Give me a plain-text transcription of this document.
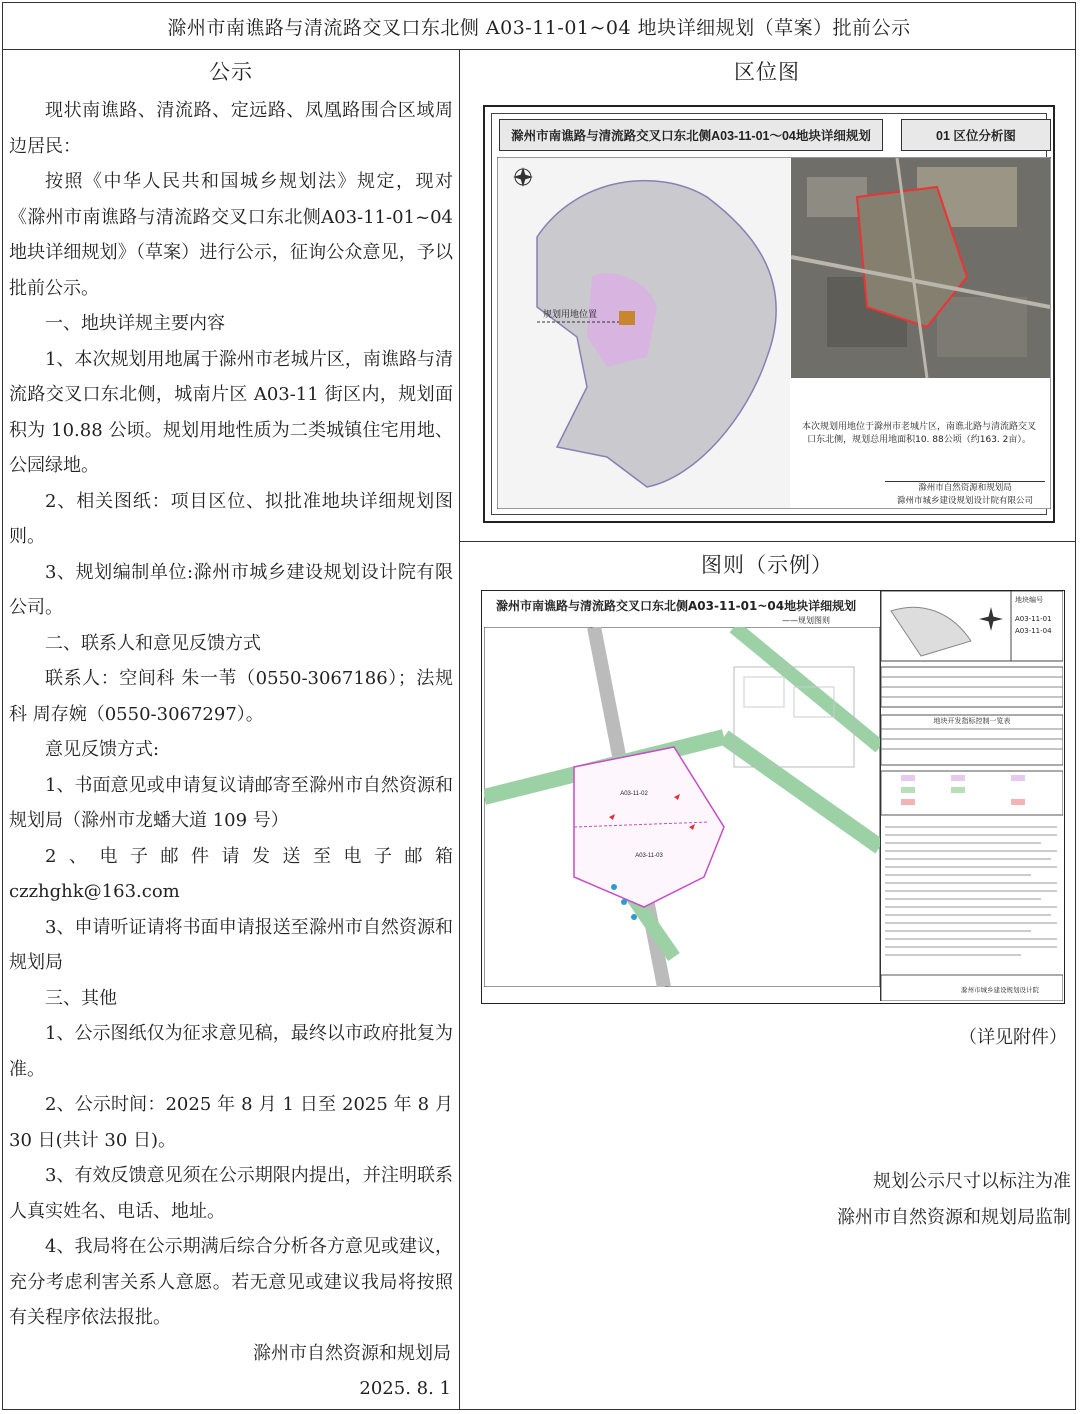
滁州市南谯路与清流路交叉口东北侧 A03-11-01~04 地块详细规划（草案）批前公示
公示

现状南谯路、清流路、定远路、凤凰路围合区域周边居民：

按照《中华人民共和国城乡规划法》规定，现对《滁州市南谯路与清流路交叉口东北侧A03-11-01~04地块详细规划》（草案）进行公示，征询公众意见，予以批前公示。

一、地块详规主要内容

1、本次规划用地属于滁州市老城片区，南谯路与清流路交叉口东北侧，城南片区 A03-11 街区内，规划面积为 10.88 公顷。规划用地性质为二类城镇住宅用地、公园绿地。

2、相关图纸：项目区位、拟批准地块详细规划图则。

3、规划编制单位:滁州市城乡建设规划设计院有限公司。

二、联系人和意见反馈方式

联系人：空间科 朱一苇（0550-3067186）；法规科 周存婉（0550-3067297）。

意见反馈方式:

1、书面意见或申请复议请邮寄至滁州市自然资源和规划局（滁州市龙蟠大道 109 号）

2、电子邮件请发送至电子邮箱 czzhghk@163.com

3、申请听证请将书面申请报送至滁州市自然资源和规划局

三、其他

1、公示图纸仅为征求意见稿，最终以市政府批复为准。

2、公示时间：2025 年 8 月 1 日至 2025 年 8 月 30 日(共计 30 日)。

3、有效反馈意见须在公示期限内提出，并注明联系人真实姓名、电话、地址。

4、我局将在公示期满后综合分析各方意见或建议，充分考虑利害关系人意愿。若无意见或建议我局将按照有关程序依法报批。

滁州市自然资源和规划局

2025. 8. 1

区位图
滁州市南谯路与清流路交叉口东北侧A03-11-01～04地块详细规划	01 区位分析图
规划用地位置
本次规划用地位于滁州市老城片区，南谯北路与清流路交叉口东北侧，规划总用地面积10. 88公顷（约163. 2亩）。
滁州市自然资源和规划局
滁州市城乡建设规划设计院有限公司
图则（示例）
滁州市南谯路与清流路交叉口东北侧A03-11-01~04地块详细规划
——规划图则
A03-11-02
A03-11-03
地块编号
A03-11-01
A03-11-04
地块开发指标控制一览表
滁州市城乡建设规划设计院
（详见附件）
规划公示尺寸以标注为准
滁州市自然资源和规划局监制
